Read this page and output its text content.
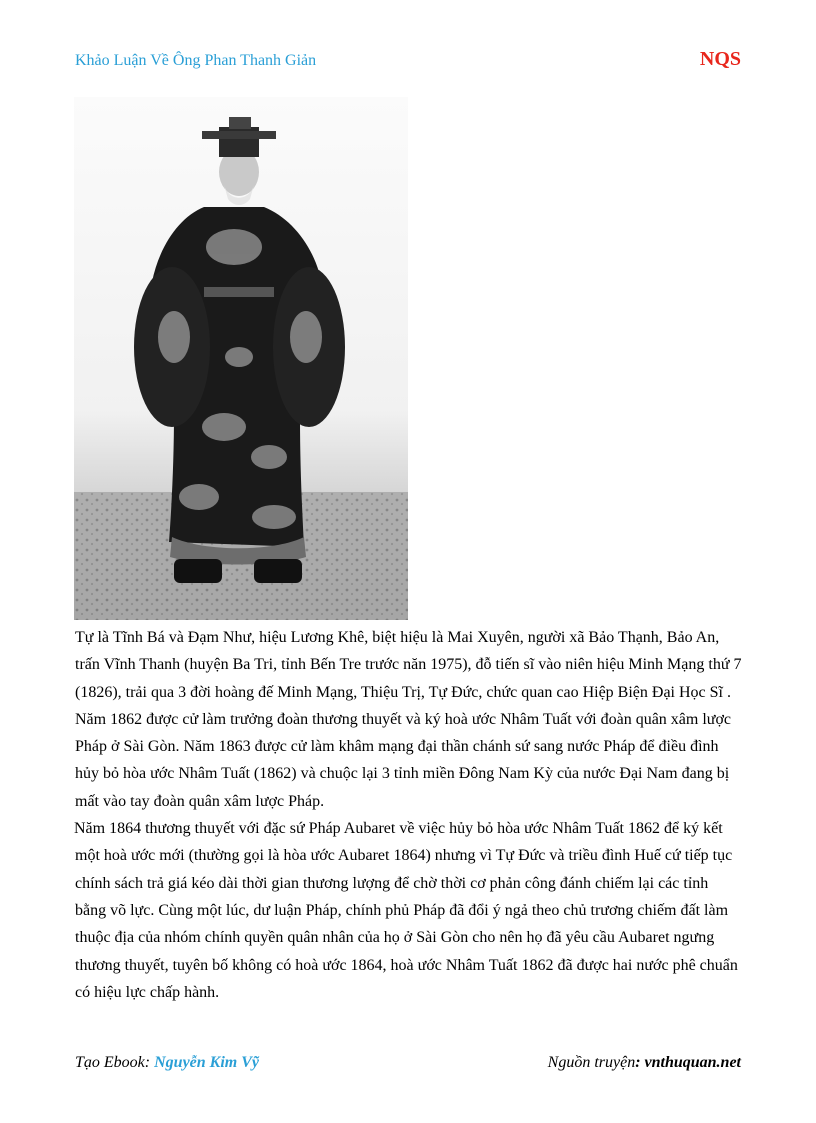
Khảo Luận Về Ông Phan Thanh Giản	NQS

Tự là Tĩnh Bá và Đạm Như, hiệu Lương Khê, biệt hiệu là Mai Xuyên, người xã Bảo Thạnh, Bảo An, trấn Vĩnh Thanh (huyện Ba Tri, tỉnh Bến Tre trước năn 1975), đỗ tiến sĩ vào niên hiệu Minh Mạng thứ 7 (1826), trải qua 3 đời hoàng đế Minh Mạng, Thiệu Trị, Tự Đức, chức quan cao Hiệp Biện Đại Học Sĩ . Năm 1862 được cử làm trưởng đoàn thương thuyết và ký hoà ước Nhâm Tuất với đoàn quân xâm lược Pháp ở Sài Gòn. Năm 1863 được cử làm khâm mạng đại thần chánh sứ sang nước Pháp để điều đình hủy bỏ hòa ước Nhâm Tuất (1862) và chuộc lại 3 tỉnh miền Đông Nam Kỳ của nước Đại Nam đang bị mất vào tay đoàn quân xâm lược Pháp.

Năm 1864 thương thuyết với đặc sứ Pháp Aubaret về việc hủy bỏ hòa ước Nhâm Tuất 1862 để ký kết một hoà ước mới (thường gọi là hòa ước Aubaret 1864) nhưng vì Tự Đức và triều đình Huế cứ tiếp tục chính sách trả giá kéo dài thời gian thương lượng để chờ thời cơ phản công đánh chiếm lại các tỉnh bằng võ lực. Cùng một lúc, dư luận Pháp, chính phủ Pháp đã đổi ý ngả theo chủ trương chiếm đất làm thuộc địa của nhóm chính quyền quân nhân của họ ở Sài Gòn cho nên họ đã yêu cầu Aubaret ngưng thương thuyết, tuyên bố không có hoà ước 1864, hoà ước Nhâm Tuất 1862 đã được hai nước phê chuẩn có hiệu lực chấp hành.

Tạo Ebook: Nguyễn Kim Vỹ	Nguồn truyện: vnthuquan.net
